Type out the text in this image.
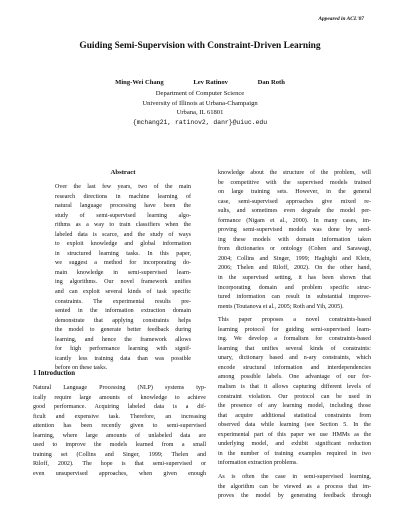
Appeared in ACL'07
Guiding Semi-Supervision with Constraint-Driven Learning
Ming-Wei Chang	Lev Ratinov	Dan Roth
Department of Computer Science
University of Illinois at Urbana-Champaign
Urbana, IL 61801
{mchang21, ratinov2, danr}@uiuc.edu
Abstract
Over the last few years, two of the main
research directions in machine learning of
natural language processing have been the
study of semi-supervised learning algo-
rithms as a way to train classifiers when the
labeled data is scarce, and the study of ways
to exploit knowledge and global information
in structured learning tasks. In this paper,
we suggest a method for incorporating do-
main knowledge in semi-supervised learn-
ing algorithms. Our novel framework unifies
and can exploit several kinds of task specific
constraints. The experimental results pre-
sented in the information extraction domain
demonstrate that applying constraints helps
the model to generate better feedback during
learning, and hence the framework allows
for high performance learning with signif-
icantly less training data than was possible
before on these tasks.
1 Introduction
Natural Language Processing (NLP) systems typ-
ically require large amounts of knowledge to achieve
good performance. Acquiring labeled data is a dif-
ficult and expensive task. Therefore, an increasing
attention has been recently given to semi-supervised
learning, where large amounts of unlabeled data are
used to improve the models learned from a small
training set (Collins and Singer, 1999; Thelen and
Riloff, 2002). The hope is that semi-supervised or
even unsupervised approaches, when given enough
knowledge about the structure of the problem, will
be competitive with the supervised models trained
on large training sets. However, in the general
case, semi-supervised approaches give mixed re-
sults, and sometimes even degrade the model per-
formance (Nigam et al., 2000). In many cases, im-
proving semi-supervised models was done by seed-
ing these models with domain information taken
from dictionaries or ontology (Cohen and Sarawagi,
2004; Collins and Singer, 1999; Haghighi and Klein,
2006; Thelen and Riloff, 2002). On the other hand,
in the supervised setting, it has been shown that
incorporating domain and problem specific struc-
tured information can result in substantial improve-
ments (Toutanova et al., 2005; Roth and Yih, 2005).
This paper proposes a novel constraints-based
learning protocol for guiding semi-supervised learn-
ing. We develop a formalism for constraints-based
learning that unifies several kinds of constraints:
unary, dictionary based and n-ary constraints, which
encode structural information and interdependencies
among possible labels. One advantage of our for-
malism is that it allows capturing different levels of
constraint violation. Our protocol can be used in
the presence of any learning model, including those
that acquire additional statistical constraints from
observed data while learning (see Section 5. In the
experimental part of this paper we use HMMs as the
underlying model, and exhibit significant reduction
in the number of training examples required in two
information extraction problems.
As is often the case in semi-supervised learning,
the algorithm can be viewed as a process that im-
proves the model by generating feedback through
